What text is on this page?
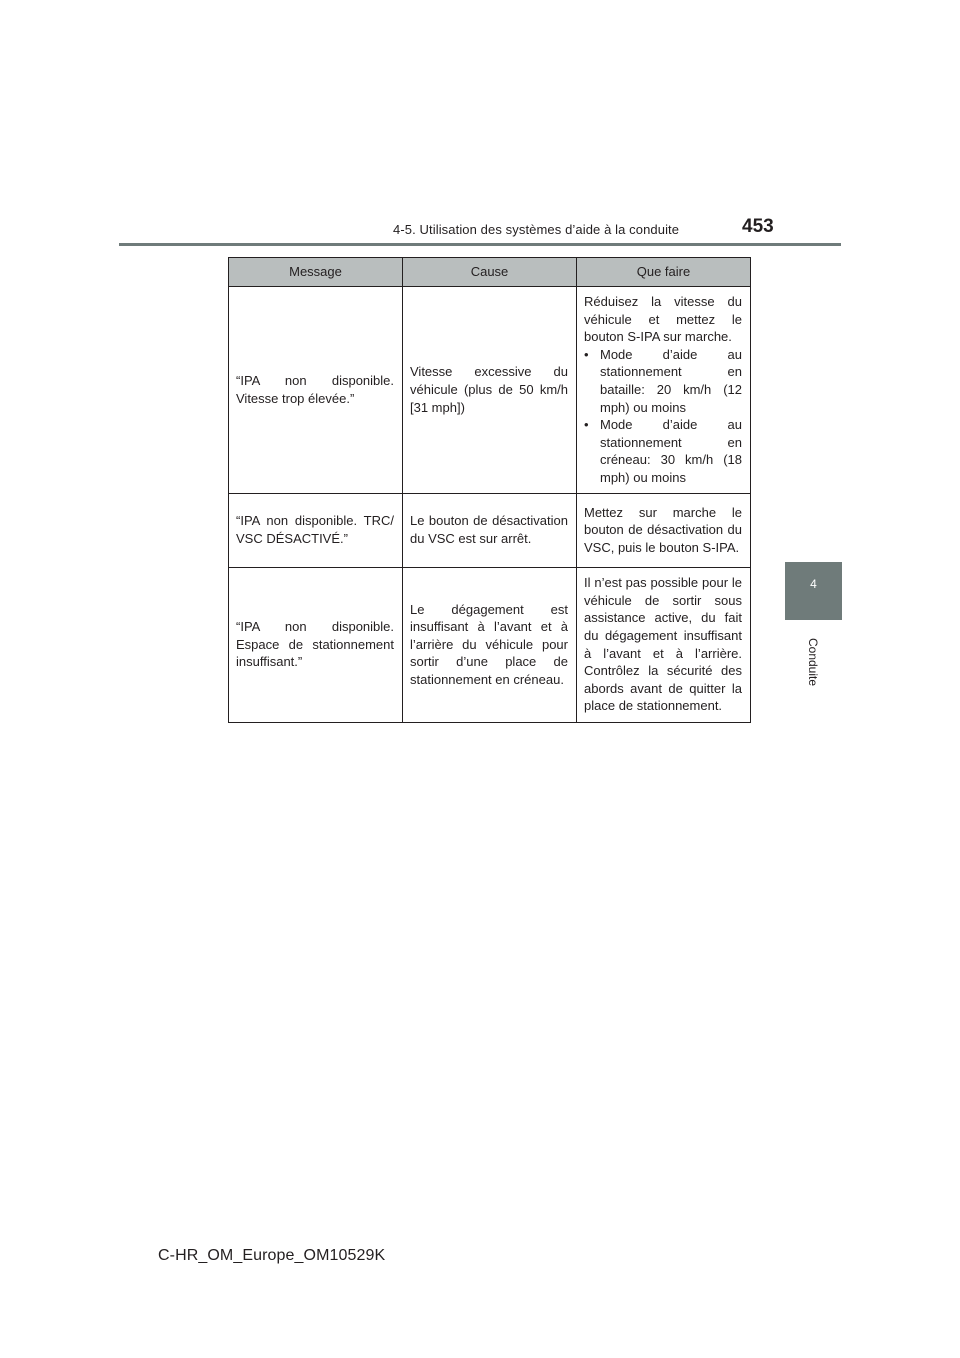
4-5. Utilisation des systèmes d’aide à la conduite	453
4
Conduite
Message	Cause	Que faire
“IPA non disponible. Vitesse trop élevée.”	Vitesse excessive du véhicule (plus de 50 km/h [31 mph])	Réduisez la vitesse du véhicule et mettez le bouton S-IPA sur marche.
• Mode d’aide au stationnement en bataille: 20 km/h (12 mph) ou moins
• Mode d’aide au stationnement en créneau: 30 km/h (18 mph) ou moins

“IPA non disponible. TRC/ VSC DÉSACTIVÉ.”	Le bouton de désactivation du VSC est sur arrêt.	Mettez sur marche le bouton de désactivation du VSC, puis le bouton S-IPA.
“IPA non disponible. Espace de stationnement insuffisant.”	Le dégagement est insuffisant à l’avant et à l’arrière du véhicule pour sortir d’une place de stationnement en créneau.	Il n’est pas possible pour le véhicule de sortir sous assistance active, du fait du dégagement insuffisant à l’avant et à l’arrière. Contrôlez la sécurité des abords avant de quitter la place de stationnement.
C-HR_OM_Europe_OM10529K
